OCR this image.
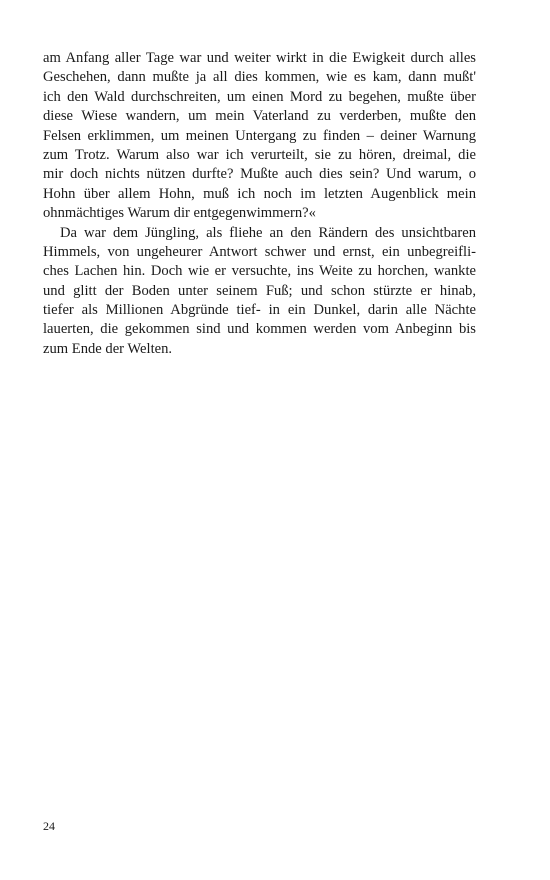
am Anfang aller Tage war und weiter wirkt in die Ewigkeit durch alles
Geschehen, dann mußte ja all dies kommen, wie es kam, dann mußt'
ich den Wald durchschreiten, um einen Mord zu begehen, mußte über
diese Wiese wandern, um mein Vaterland zu verderben, mußte den
Felsen erklimmen, um meinen Untergang zu finden – deiner Warnung
zum Trotz. Warum also war ich verurteilt, sie zu hören, dreimal, die
mir doch nichts nützen durfte? Mußte auch dies sein? Und warum, o
Hohn über allem Hohn, muß ich noch im letzten Augenblick mein
ohnmächtiges Warum dir entgegenwimmern?«
Da war dem Jüngling, als fliehe an den Rändern des unsichtbaren
Himmels, von ungeheurer Antwort schwer und ernst, ein unbegreifli-
ches Lachen hin. Doch wie er versuchte, ins Weite zu horchen, wankte
und glitt der Boden unter seinem Fuß; und schon stürzte er hinab,
tiefer als Millionen Abgründe tief- in ein Dunkel, darin alle Nächte
lauerten, die gekommen sind und kommen werden vom Anbeginn bis
zum Ende der Welten.
24
